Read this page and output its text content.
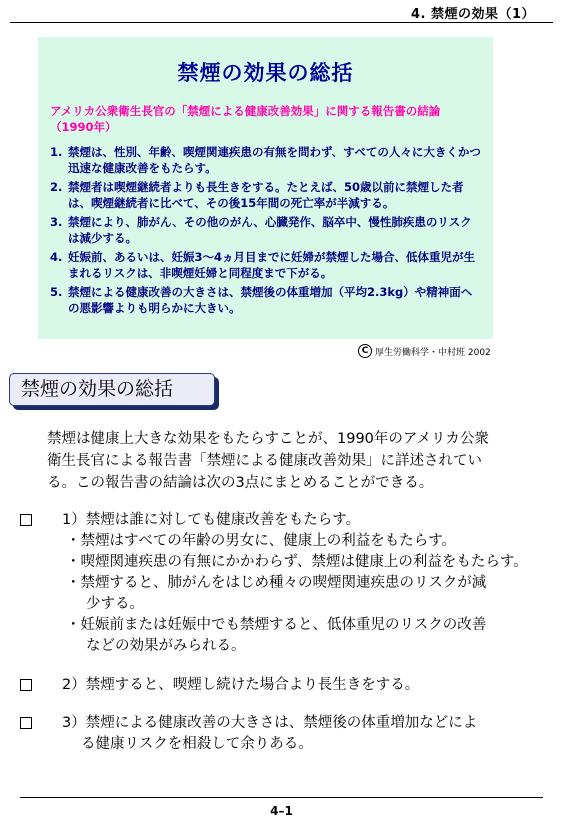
4. 禁煙の効果（1）
禁煙の効果の総括
アメリカ公衆衛生長官の「禁煙による健康改善効果」に関する報告書の結論（1990年）
1. 禁煙は、性別、年齢、喫煙関連疾患の有無を問わず、すべての人々に大きくかつ迅速な健康改善をもたらす。
2. 禁煙者は喫煙継続者よりも長生きをする。たとえば、50歳以前に禁煙した者は、喫煙継続者に比べて、その後15年間の死亡率が半減する。
3. 禁煙により、肺がん、その他のがん、心臓発作、脳卒中、慢性肺疾患のリスクは減少する。
4. 妊娠前、あるいは、妊娠3～4ヵ月目までに妊婦が禁煙した場合、低体重児が生まれるリスクは、非喫煙妊婦と同程度まで下がる。
5. 禁煙による健康改善の大きさは、禁煙後の体重増加（平均2.3kg）や精神面への悪影響よりも明らかに大きい。
C 厚生労働科学・中村班 2002
禁煙の効果の総括
禁煙は健康上大きな効果をもたらすことが、1990年のアメリカ公衆
衛生長官による報告書「禁煙による健康改善効果」に詳述されてい
る。この報告書の結論は次の3点にまとめることができる。
1）禁煙は誰に対しても健康改善をもたらす。
・禁煙はすべての年齢の男女に、健康上の利益をもたらす。
・喫煙関連疾患の有無にかかわらず、禁煙は健康上の利益をもたらす。
・禁煙すると、肺がんをはじめ種々の喫煙関連疾患のリスクが減
少する。
・妊娠前または妊娠中でも禁煙すると、低体重児のリスクの改善
などの効果がみられる。
2）禁煙すると、喫煙し続けた場合より長生きをする。
3）禁煙による健康改善の大きさは、禁煙後の体重増加などによ
る健康リスクを相殺して余りある。
4–1
